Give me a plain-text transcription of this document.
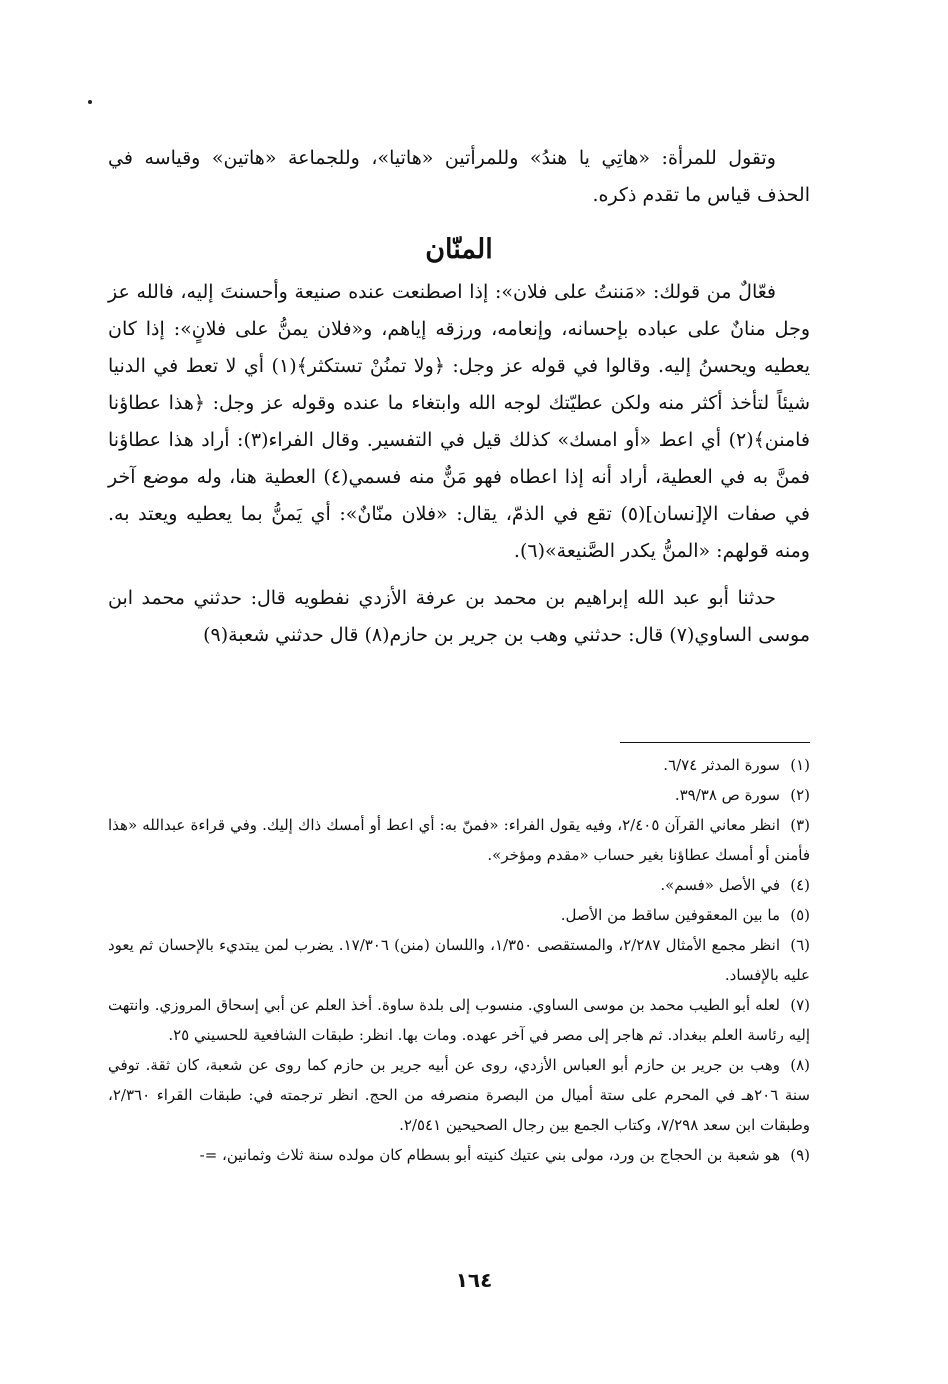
وتقول للمرأة: «هاتِي يا هندُ» وللمرأتين «هاتيا»، وللجماعة «هاتين» وقياسه في الحذف قياس ما تقدم ذكره.

المنّان

فعّالٌ من قولك: «مَننتُ على فلان»: إذا اصطنعت عنده صنيعة وأحسنتَ إليه، فالله عز وجل منانٌ على عباده بإحسانه، وإنعامه، ورزقه إياهم، و«فلان يمنُّ على فلانٍ»: إذا كان يعطيه ويحسنُ إليه. وقالوا في قوله عز وجل: ﴿ولا تمنُنْ تستكثر﴾(١) أي لا تعط في الدنيا شيئاً لتأخذ أكثر منه ولكن عطيّتك لوجه الله وابتغاء ما عنده وقوله عز وجل: ﴿هذا عطاؤنا فامنن﴾(٢) أي اعط «أو امسك» كذلك قيل في التفسير. وقال الفراء(٣): أراد هذا عطاؤنا فمنَّ به في العطية، أراد أنه إذا اعطاه فهو مَنٌّ منه فسمي(٤) العطية هنا، وله موضع آخر في صفات الإ[نسان](٥) تقع في الذمّ، يقال: «فلان منّانٌ»: أي يَمنُّ بما يعطيه ويعتد به. ومنه قولهم: «المنُّ يكدر الصَّنيعة»(٦).

حدثنا أبو عبد الله إبراهيم بن محمد بن عرفة الأزدي نفطويه قال: حدثني محمد ابن موسى الساوي(٧) قال: حدثني وهب بن جرير بن حازم(٨) قال حدثني شعبة(٩)

(١)سورة المدثر ٦/٧٤.

(٢)سورة ص ٣٩/٣٨.

(٣)انظر معاني القرآن ٢/٤٠٥، وفيه يقول الفراء: «فمنّ به: أي اعط أو أمسك ذاك إليك. وفي قراءة عبدالله «هذا فأمنن أو أمسك عطاؤنا بغير حساب «مقدم ومؤخر».

(٤)في الأصل «فسم».

(٥)ما بين المعقوفين ساقط من الأصل.

(٦)انظر مجمع الأمثال ٢/٢٨٧، والمستقصى ١/٣٥٠، واللسان (منن) ١٧/٣٠٦. يضرب لمن يبتديء بالإحسان ثم يعود عليه بالإفساد.

(٧)لعله أبو الطيب محمد بن موسى الساوي. منسوب إلى بلدة ساوة. أخذ العلم عن أبي إسحاق المروزي. وانتهت إليه رئاسة العلم ببغداد. ثم هاجر إلى مصر في آخر عهده. ومات بها. انظر: طبقات الشافعية للحسيني ٢٥.

(٨)وهب بن جرير بن حازم أبو العباس الأزدي، روى عن أبيه جرير بن حازم كما روى عن شعبة، كان ثقة. توفي سنة ٢٠٦هـ في المحرم على ستة أميال من البصرة منصرفه من الحج. انظر ترجمته في: طبقات القراء ٢/٣٦٠، وطبقات ابن سعد ٧/٢٩٨، وكتاب الجمع بين رجال الصحيحين ٢/٥٤١.

(٩)هو شعبة بن الحجاج بن ورد، مولى بني عتيك كنيته أبو بسطام كان مولده سنة ثلاث وثمانين، =-

١٦٤
